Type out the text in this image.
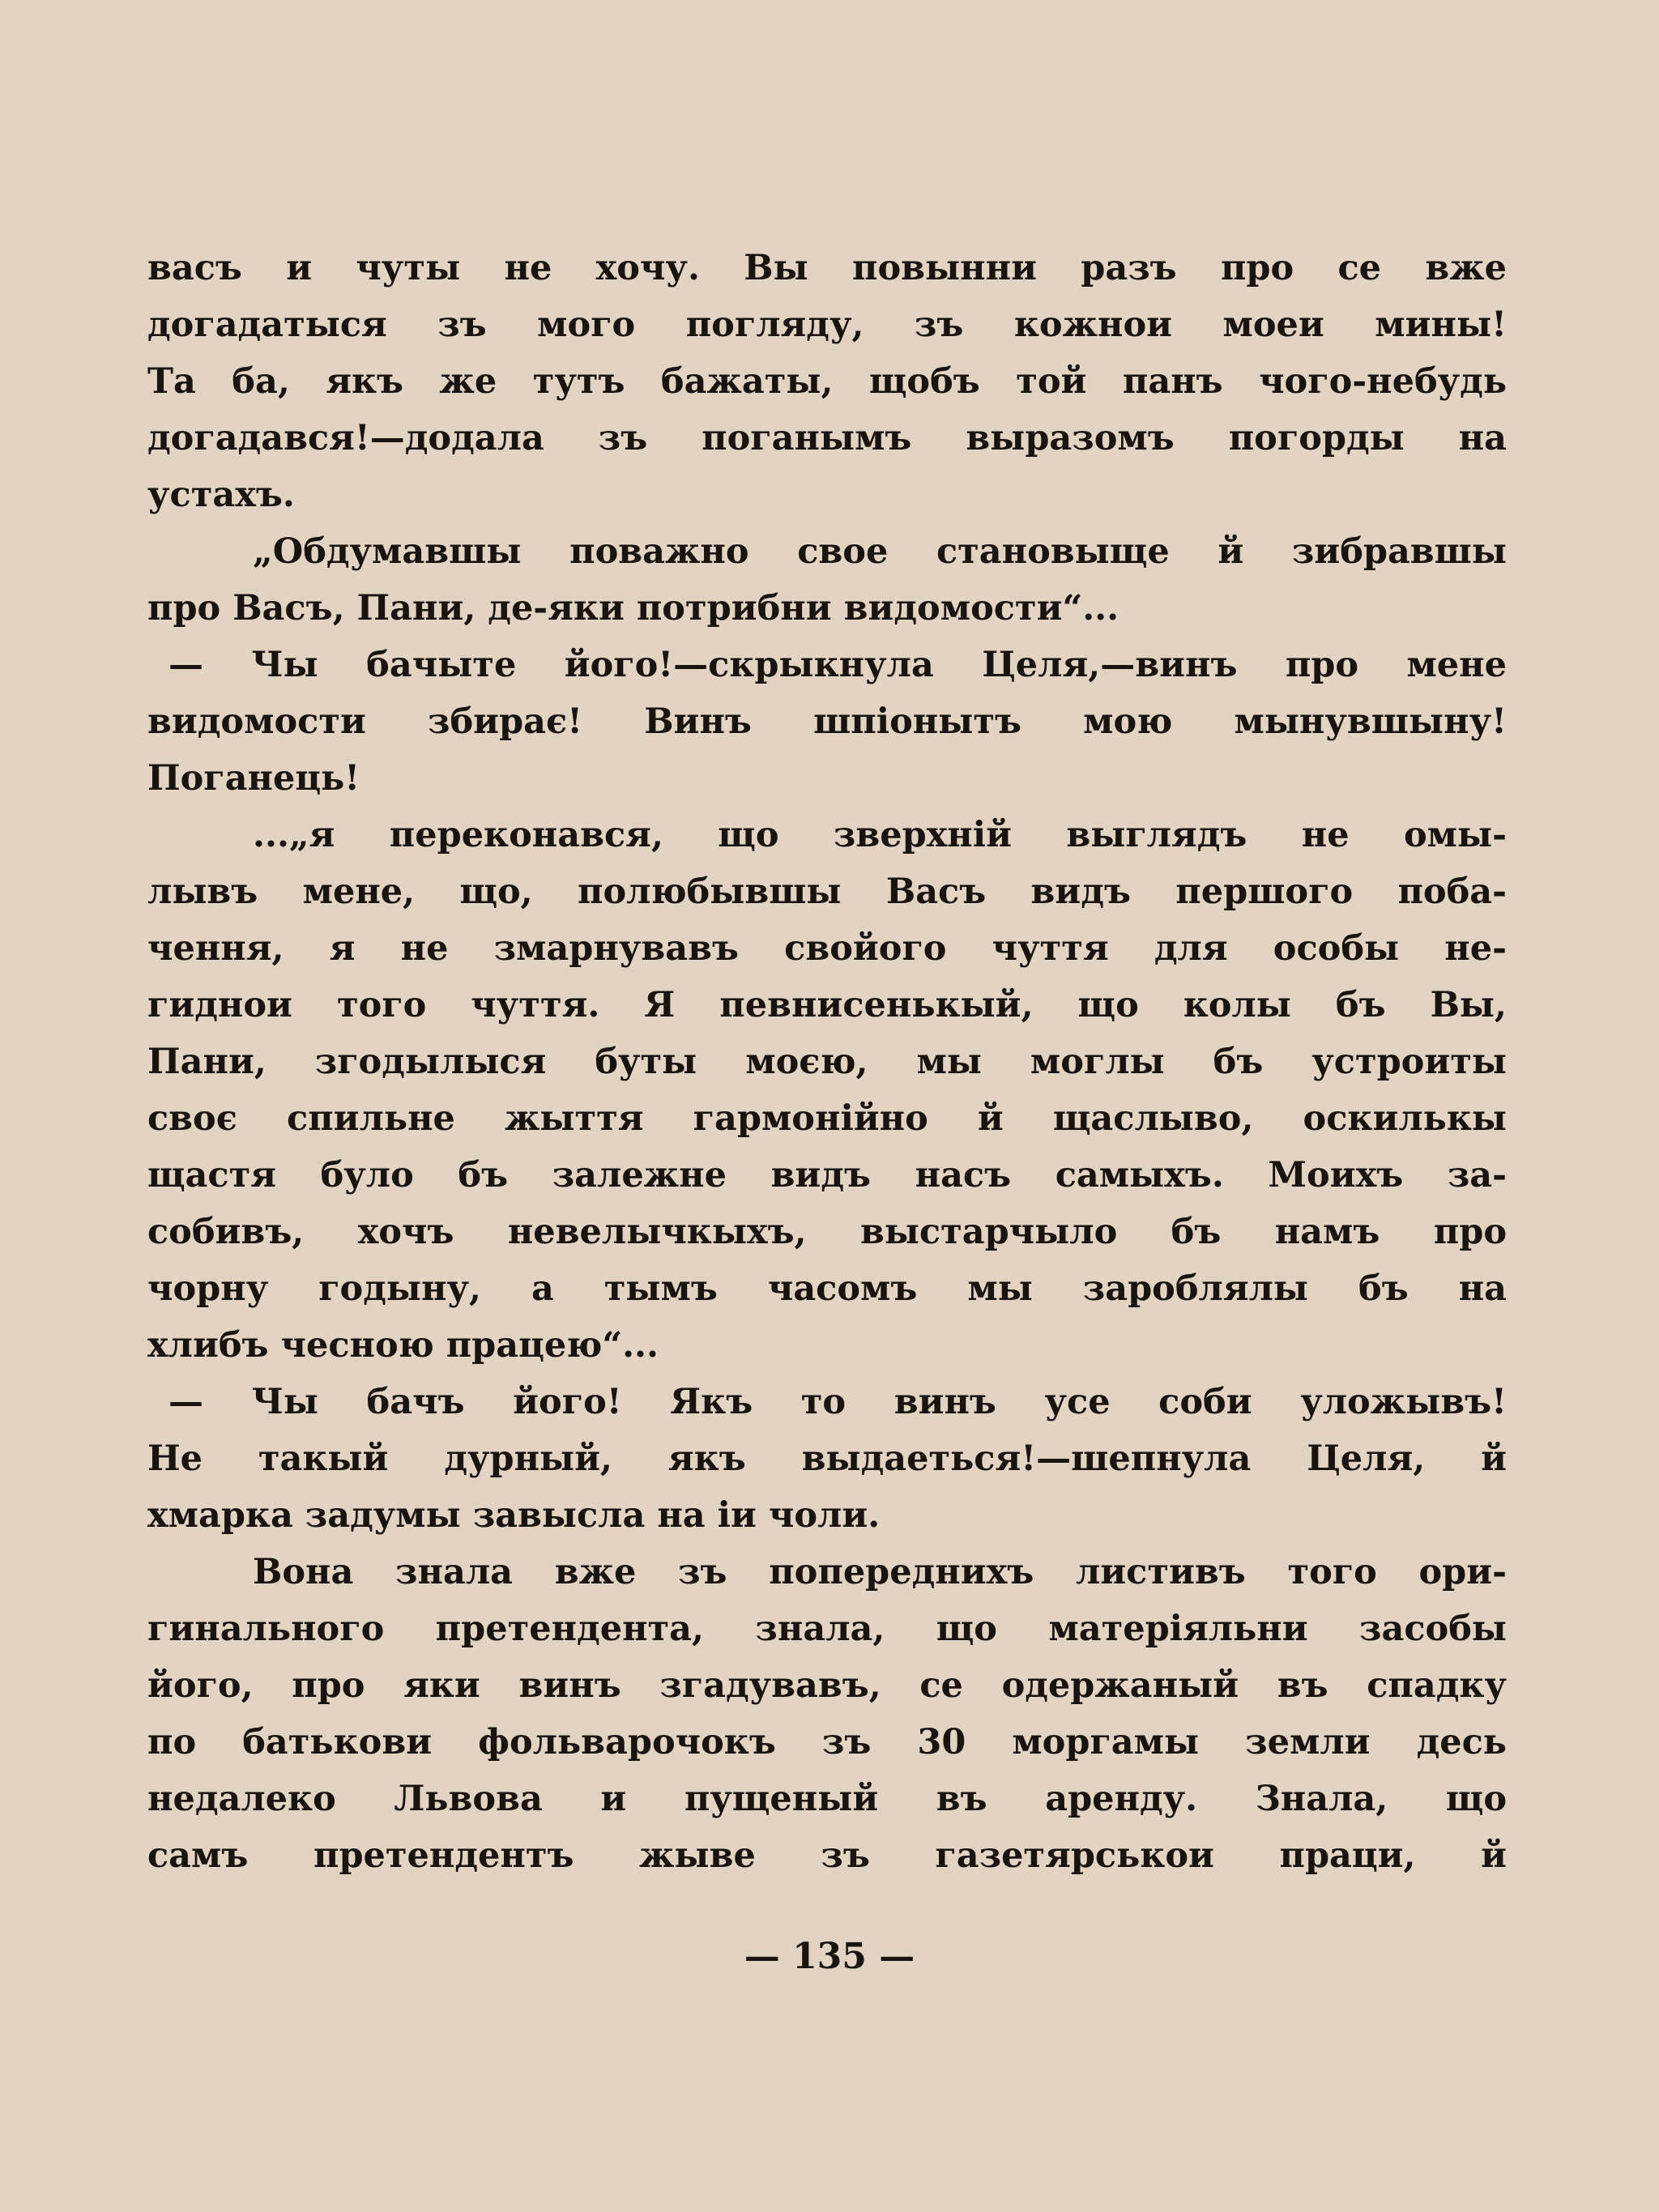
васъ и чуты не хочу. Вы повынни разъ про се вже
догадатыся зъ мого погляду, зъ кожнои моеи мины!
Та ба, якъ же тутъ бажаты, щобъ той панъ чого-небудь
догадався!—додала зъ поганымъ выразомъ погорды на
устахъ.
„Обдумавшы поважно свое становыще й зибравшы
про Васъ, Пани, де-яки потрибни видомости“...
— Чы бачыте його!—скрыкнула Целя,—винъ про мене
видомости збирає! Винъ шпіонытъ мою мынувшыну!
Поганець!
...„я переконався, що зверхній выглядъ не омы-
лывъ мене, що, полюбывшы Васъ видъ першого поба-
чення, я не змарнувавъ свойого чуття для особы не-
гиднои того чуття. Я певнисенькый, що колы бъ Вы,
Пани, згодылыся буты моєю, мы моглы бъ устроиты
своє спильне жыття гармонійно й щаслыво, оскилькы
щастя було бъ залежне видъ насъ самыхъ. Моихъ за-
собивъ, хочъ невелычкыхъ, выстарчыло бъ намъ про
чорну годыну, а тымъ часомъ мы зароблялы бъ на
хлибъ чесною працею“...
— Чы бачъ його! Якъ то винъ усе соби уложывъ!
Не такый дурный, якъ выдаеться!—шепнула Целя, й
хмарка задумы завысла на іи чоли.
Вона знала вже зъ попереднихъ листивъ того ори-
гинального претендента, знала, що матеріяльни засобы
його, про яки винъ згадувавъ, се одержаный въ спадку
по батькови фольварочокъ зъ 30 моргамы земли десь
недалеко Львова и пущеный въ аренду. Знала, що
самъ претендентъ жыве зъ газетярськои праци, й
— 135 —
